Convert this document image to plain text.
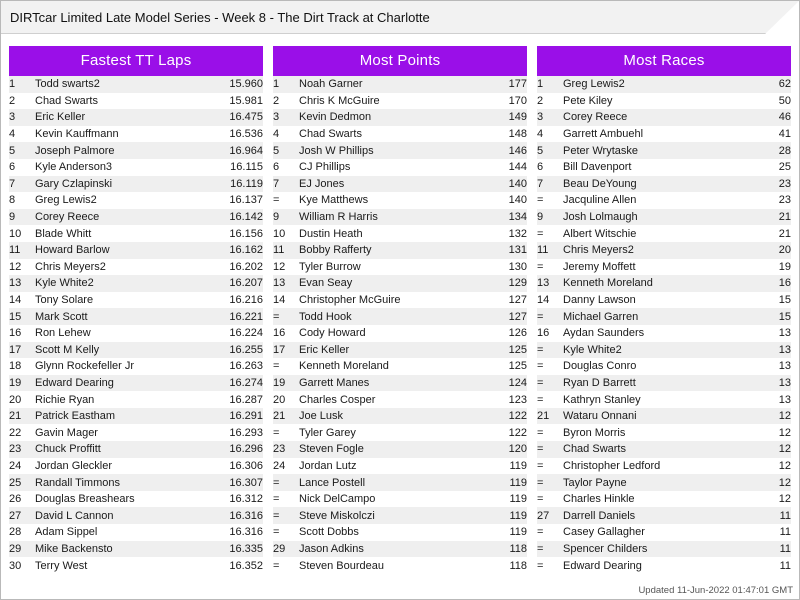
DIRTcar Limited Late Model Series - Week 8 - The Dirt Track at Charlotte
Fastest TT Laps
1	Todd swarts2	15.960
2	Chad Swarts	15.981
3	Eric Keller	16.475
4	Kevin Kauffmann	16.536
5	Joseph Palmore	16.964
6	Kyle Anderson3	16.115
7	Gary Czlapinski	16.119
8	Greg Lewis2	16.137
9	Corey Reece	16.142
10	Blade Whitt	16.156
11	Howard Barlow	16.162
12	Chris Meyers2	16.202
13	Kyle White2	16.207
14	Tony Solare	16.216
15	Mark Scott	16.221
16	Ron Lehew	16.224
17	Scott M Kelly	16.255
18	Glynn Rockefeller Jr	16.263
19	Edward Dearing	16.274
20	Richie Ryan	16.287
21	Patrick Eastham	16.291
22	Gavin Mager	16.293
23	Chuck Proffitt	16.296
24	Jordan Gleckler	16.306
25	Randall Timmons	16.307
26	Douglas Breashears	16.312
27	David L Cannon	16.316
28	Adam Sippel	16.316
29	Mike Backensto	16.335
30	Terry West	16.352
Most Points
1	Noah Garner	177
2	Chris K McGuire	170
3	Kevin Dedmon	149
4	Chad Swarts	148
5	Josh W Phillips	146
6	CJ Phillips	144
7	EJ Jones	140
=	Kye Matthews	140
9	William R Harris	134
10	Dustin Heath	132
11	Bobby Rafferty	131
12	Tyler Burrow	130
13	Evan Seay	129
14	Christopher McGuire	127
=	Todd Hook	127
16	Cody Howard	126
17	Eric Keller	125
=	Kenneth Moreland	125
19	Garrett Manes	124
20	Charles Cosper	123
21	Joe Lusk	122
=	Tyler Garey	122
23	Steven Fogle	120
24	Jordan Lutz	119
=	Lance Postell	119
=	Nick DelCampo	119
=	Steve Miskolczi	119
=	Scott Dobbs	119
29	Jason Adkins	118
=	Steven Bourdeau	118
Most Races
1	Greg Lewis2	62
2	Pete Kiley	50
3	Corey Reece	46
4	Garrett Ambuehl	41
5	Peter Wrytaske	28
6	Bill Davenport	25
7	Beau DeYoung	23
=	Jacquline Allen	23
9	Josh Lolmaugh	21
=	Albert Witschie	21
11	Chris Meyers2	20
=	Jeremy Moffett	19
13	Kenneth Moreland	16
14	Danny Lawson	15
=	Michael Garren	15
16	Aydan Saunders	13
=	Kyle White2	13
=	Douglas Conro	13
=	Ryan D Barrett	13
=	Kathryn Stanley	13
21	Wataru Onnani	12
=	Byron Morris	12
=	Chad Swarts	12
=	Christopher Ledford	12
=	Taylor Payne	12
=	Charles Hinkle	12
27	Darrell Daniels	11
=	Casey Gallagher	11
=	Spencer Childers	11
=	Edward Dearing	11
Updated 11-Jun-2022 01:47:01 GMT
